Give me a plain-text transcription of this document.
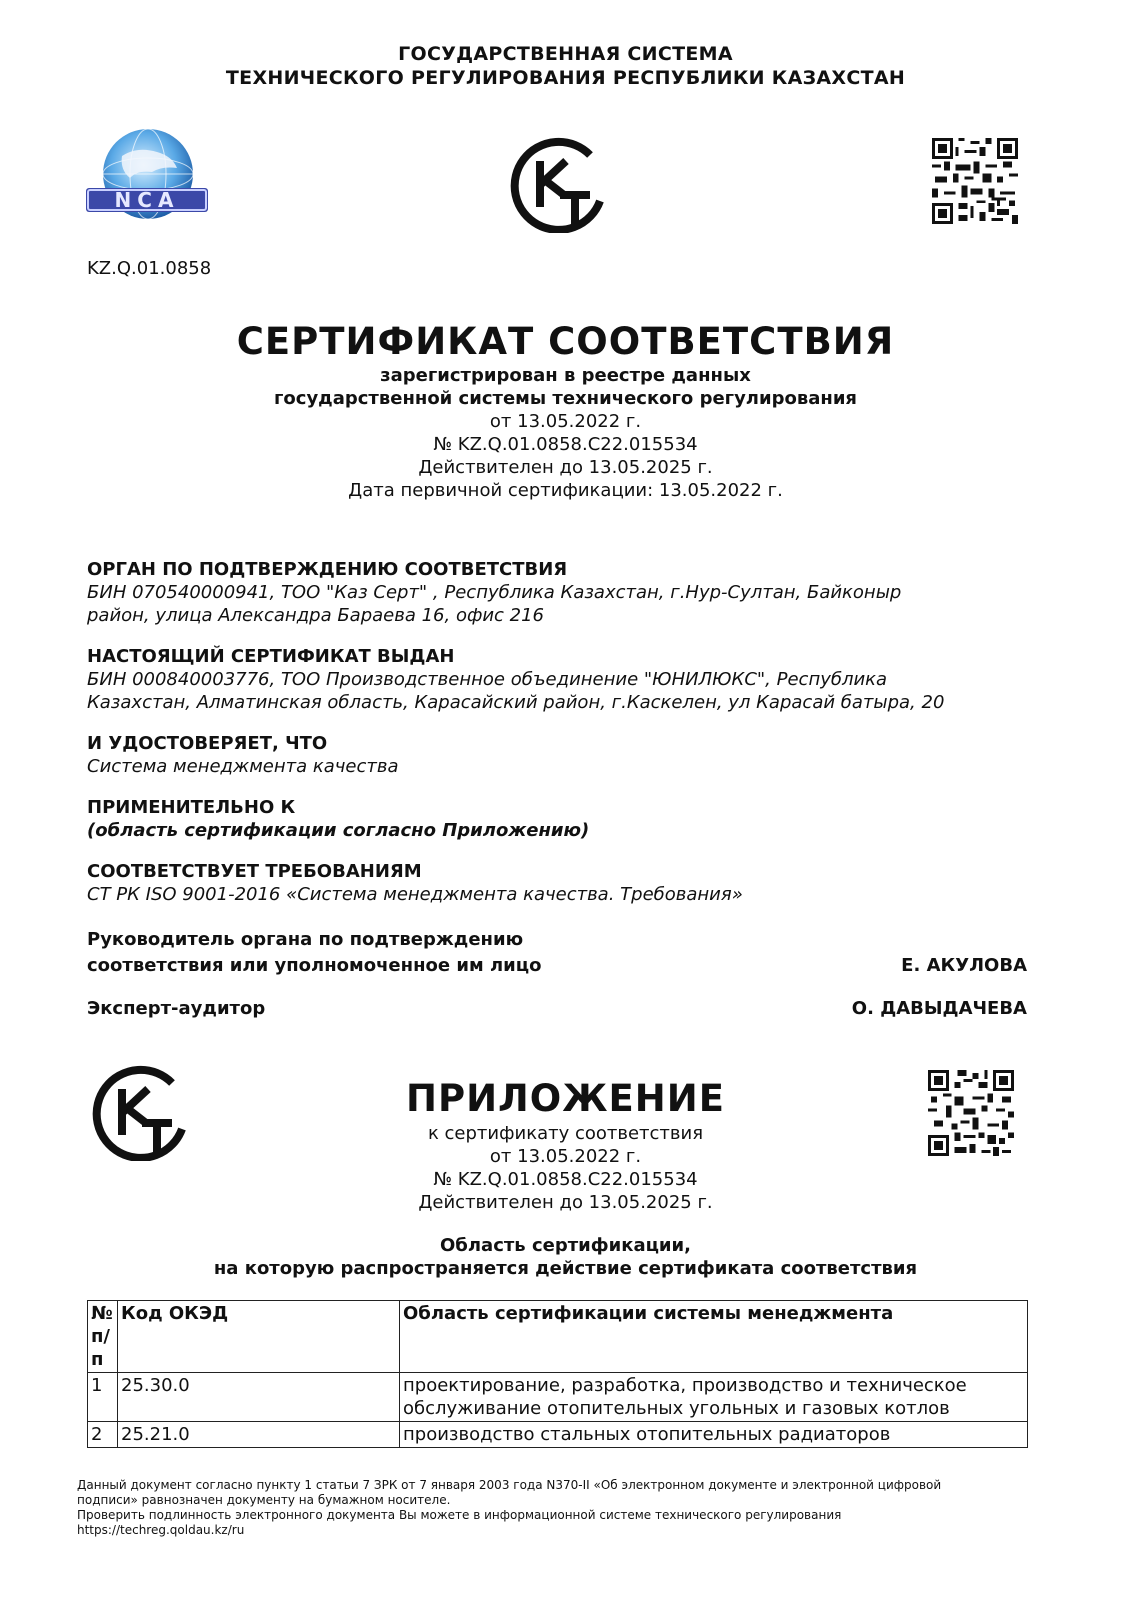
ГОСУДАРСТВЕННАЯ СИСТЕМА
ТЕХНИЧЕСКОГО РЕГУЛИРОВАНИЯ РЕСПУБЛИКИ КАЗАХСТАН
NCA
KZ.Q.01.0858
СЕРТИФИКАТ СООТВЕТСТВИЯ
зарегистрирован в реестре данных
государственной системы технического регулирования
от 13.05.2022 г.
№ KZ.Q.01.0858.C22.015534
Действителен до 13.05.2025 г.
Дата первичной сертификации: 13.05.2022 г.
ОРГАН ПО ПОДТВЕРЖДЕНИЮ СООТВЕТСТВИЯ
БИН 070540000941, ТОО "Каз Серт" , Республика Казахстан, г.Нур-Султан, Байконыр
район, улица Александра Бараева 16, офис 216
НАСТОЯЩИЙ СЕРТИФИКАТ ВЫДАН
БИН 000840003776, ТОО Производственное объединение "ЮНИЛЮКС", Республика
Казахстан, Алматинская область, Карасайский район, г.Каскелен, ул Карасай батыра, 20
И УДОСТОВЕРЯЕТ, ЧТО
Система менеджмента качества
ПРИМЕНИТЕЛЬНО К
(область сертификации согласно Приложению)
СООТВЕТСТВУЕТ ТРЕБОВАНИЯМ
СТ РК ISO 9001-2016 «Система менеджмента качества. Требования»
Руководитель органа по подтверждению
соответствия или уполномоченное им лицо	Е. АКУЛОВА
Эксперт-аудитор	О. ДАВЫДАЧЕВА
ПРИЛОЖЕНИЕ
к сертификату соответствия
от 13.05.2022 г.
№ KZ.Q.01.0858.C22.015534
Действителен до 13.05.2025 г.
Область сертификации,
на которую распространяется действие сертификата соответствия
№ п/ п	Код ОКЭД	Область сертификации системы менеджмента
1	25.30.0	проектирование, разработка, производство и техническое обслуживание отопительных угольных и газовых котлов
2	25.21.0	производство стальных отопительных радиаторов
Данный документ согласно пункту 1 статьи 7 ЗРК от 7 января 2003 года N370-II «Об электронном документе и электронной цифровой
подписи» равнозначен документу на бумажном носителе.
Проверить подлинность электронного документа Вы можете в информационной системе технического регулирования
https://techreg.qoldau.kz/ru
